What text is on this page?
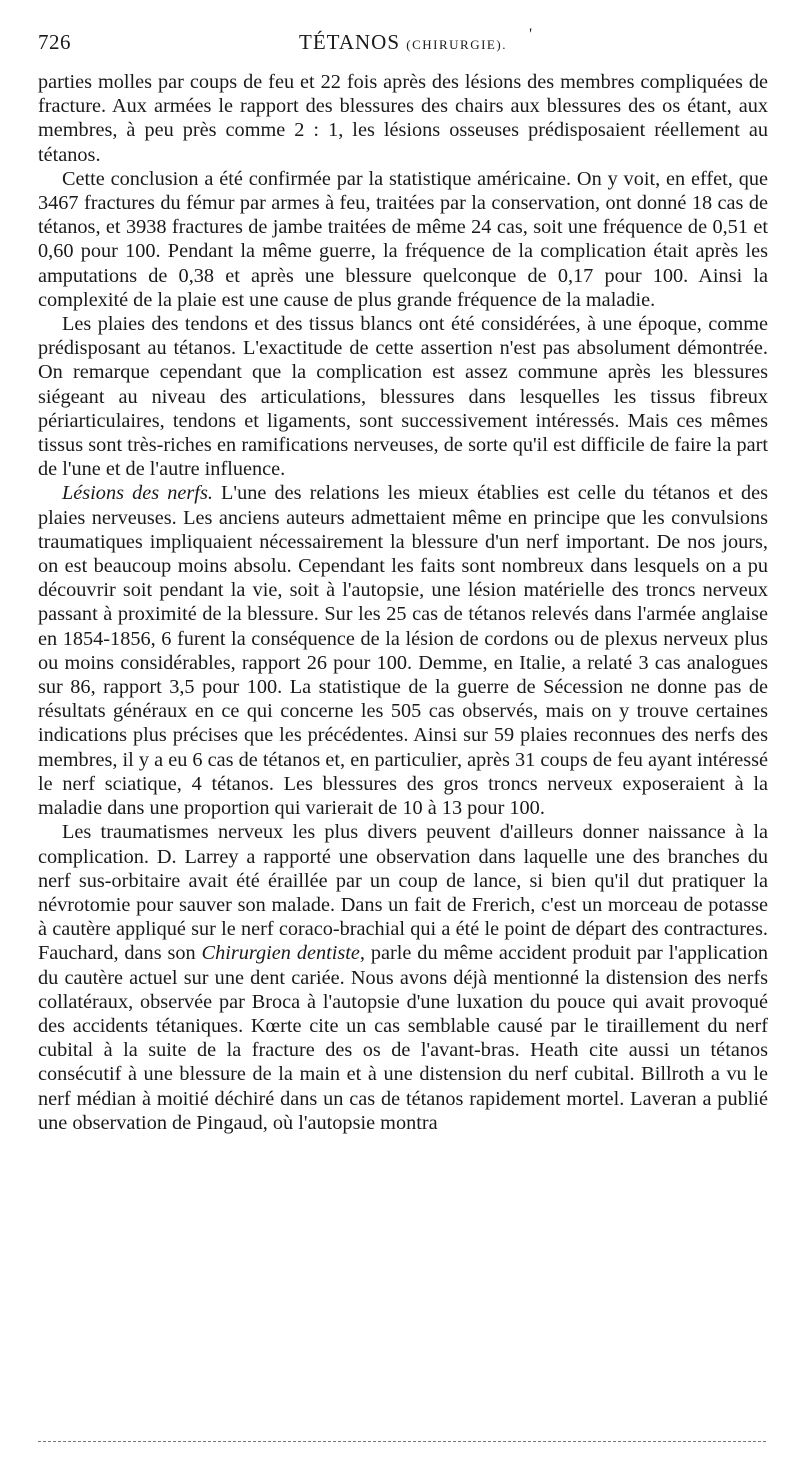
726	TÉTANOS (CHIRURGIE).
'

parties molles par coups de feu et 22 fois après des lésions des membres compliquées de fracture. Aux armées le rapport des blessures des chairs aux blessures des os étant, aux membres, à peu près comme 2 : 1, les lésions osseuses prédisposaient réellement au tétanos.

Cette conclusion a été confirmée par la statistique américaine. On y voit, en effet, que 3467 fractures du fémur par armes à feu, traitées par la conservation, ont donné 18 cas de tétanos, et 3938 fractures de jambe traitées de même 24 cas, soit une fréquence de 0,51 et 0,60 pour 100. Pendant la même guerre, la fréquence de la complication était après les amputations de 0,38 et après une blessure quelconque de 0,17 pour 100. Ainsi la complexité de la plaie est une cause de plus grande fréquence de la maladie.

Les plaies des tendons et des tissus blancs ont été considérées, à une époque, comme prédisposant au tétanos. L'exactitude de cette assertion n'est pas absolument démontrée. On remarque cependant que la complication est assez commune après les blessures siégeant au niveau des articulations, blessures dans lesquelles les tissus fibreux périarticulaires, tendons et ligaments, sont successivement intéressés. Mais ces mêmes tissus sont très-riches en ramifications nerveuses, de sorte qu'il est difficile de faire la part de l'une et de l'autre influence.

Lésions des nerfs. L'une des relations les mieux établies est celle du tétanos et des plaies nerveuses. Les anciens auteurs admettaient même en principe que les convulsions traumatiques impliquaient nécessairement la blessure d'un nerf important. De nos jours, on est beaucoup moins absolu. Cependant les faits sont nombreux dans lesquels on a pu découvrir soit pendant la vie, soit à l'autopsie, une lésion matérielle des troncs nerveux passant à proximité de la blessure. Sur les 25 cas de tétanos relevés dans l'armée anglaise en 1854-1856, 6 furent la conséquence de la lésion de cordons ou de plexus nerveux plus ou moins considérables, rapport 26 pour 100. Demme, en Italie, a relaté 3 cas analogues sur 86, rapport 3,5 pour 100. La statistique de la guerre de Sécession ne donne pas de résultats généraux en ce qui concerne les 505 cas observés, mais on y trouve certaines indications plus précises que les précédentes. Ainsi sur 59 plaies reconnues des nerfs des membres, il y a eu 6 cas de tétanos et, en particulier, après 31 coups de feu ayant intéressé le nerf sciatique, 4 tétanos. Les blessures des gros troncs nerveux exposeraient à la maladie dans une proportion qui varierait de 10 à 13 pour 100.

Les traumatismes nerveux les plus divers peuvent d'ailleurs donner naissance à la complication. D. Larrey a rapporté une observation dans laquelle une des branches du nerf sus-orbitaire avait été éraillée par un coup de lance, si bien qu'il dut pratiquer la névrotomie pour sauver son malade. Dans un fait de Frerich, c'est un morceau de potasse à cautère appliqué sur le nerf coraco-brachial qui a été le point de départ des contractures. Fauchard, dans son Chirurgien dentiste, parle du même accident produit par l'application du cautère actuel sur une dent cariée. Nous avons déjà mentionné la distension des nerfs collatéraux, observée par Broca à l'autopsie d'une luxation du pouce qui avait provoqué des accidents tétaniques. Kœrte cite un cas semblable causé par le tiraillement du nerf cubital à la suite de la fracture des os de l'avant-bras. Heath cite aussi un tétanos consécutif à une blessure de la main et à une distension du nerf cubital. Billroth a vu le nerf médian à moitié déchiré dans un cas de tétanos rapidement mortel. Laveran a publié une observation de Pingaud, où l'autopsie montra
